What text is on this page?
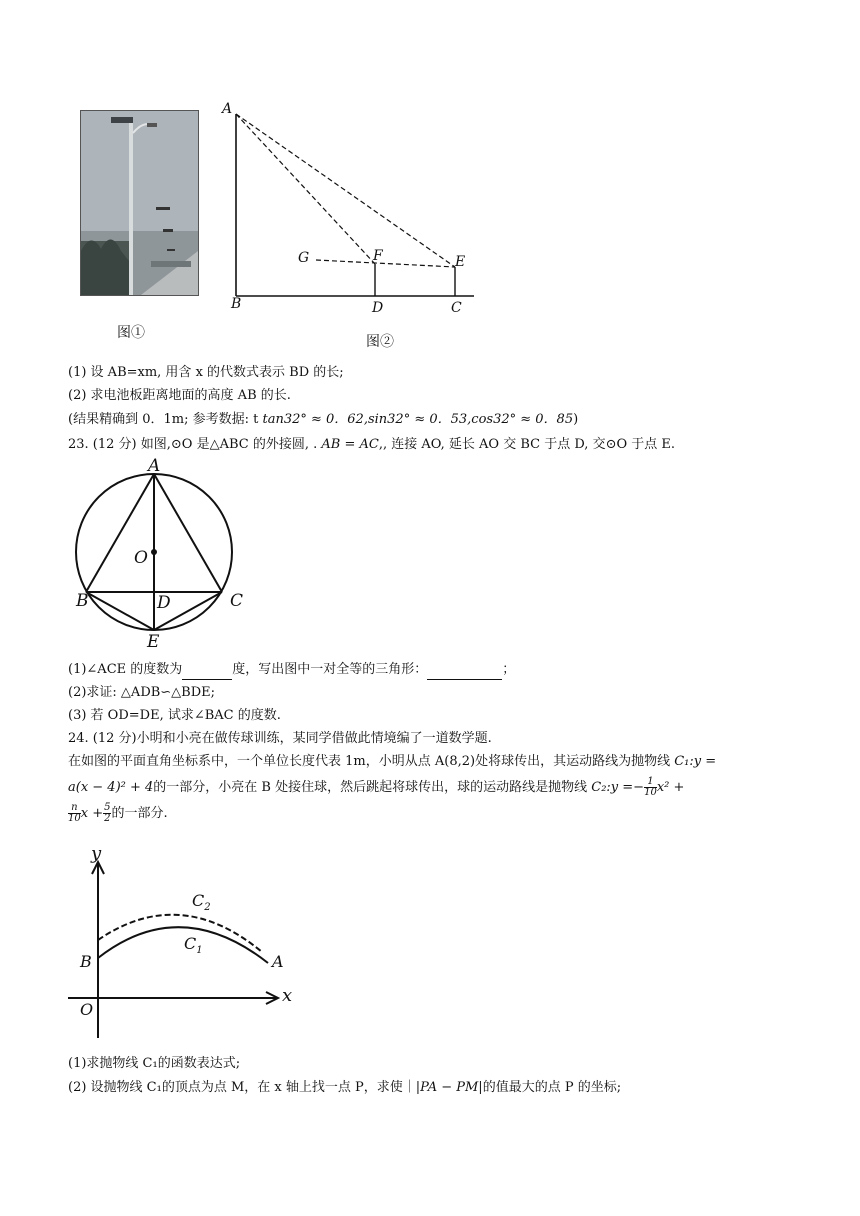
图①
A
B	D	C
G	F	E
图②
(1) 设 AB=xm, 用含 x 的代数式表示 BD 的长;
(2) 求电池板距离地面的高度 AB 的长.
(结果精确到 0．1m; 参考数据: t tan32° ≈ 0．62,sin32° ≈ 0．53,cos32° ≈ 0．85)
23. (12 分) 如图,⊙O 是△ABC 的外接圆, . AB = AC,, 连接 AO, 延长 AO 交 BC 于点 D, 交⊙O 于点 E.
A
O
B	D	C
E
(1)∠ACE 的度数为	度，写出图中一对全等的三角形：	；
(2)求证: △ADB∽△BDE;
(3) 若 OD=DE, 试求∠BAC 的度数.
24. (12 分)小明和小亮在做传球训练，某同学借做此情境编了一道数学题.
在如图的平面直角坐标系中，一个单位长度代表 1m，小明从点 A(8,2)处将球传出，其运动路线为抛物线 C₁:y =
a(x − 4)² + 4的一部分，小亮在 B 处接住球，然后跳起将球传出，球的运动路线是抛物线 C₂:y =− $\frac{1}{10} x^2$ +
$\frac{n}{10}$ $x + \frac{5}{2}$ 的一部分.
y
x
O
B	A
$C_1$
$C_2$
(1)求抛物线 C₁的函数表达式;
(2) 设抛物线 C₁的顶点为点 M，在 x 轴上找一点 P，求使｜|PA − PM|的值最大的点 P 的坐标;
